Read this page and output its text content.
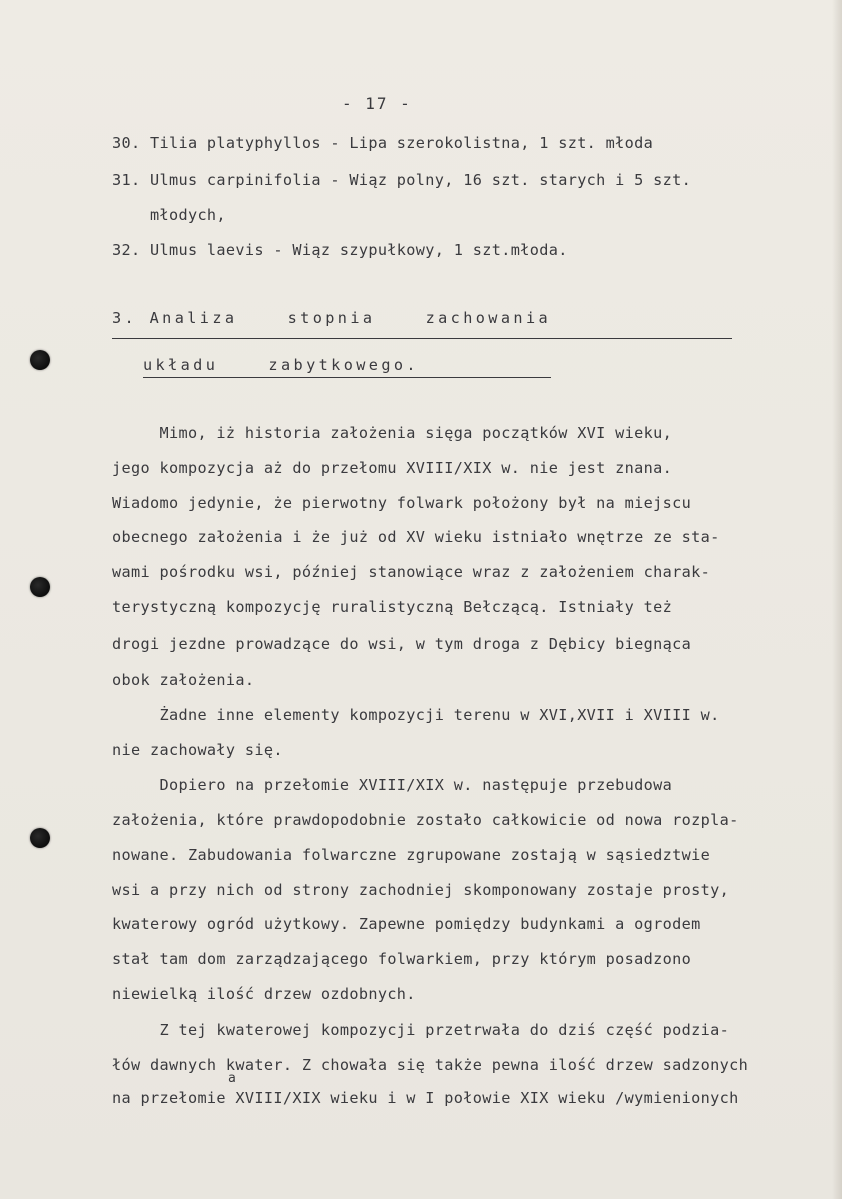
- 17 -
30. Tilia platyphyllos - Lipa szerokolistna, 1 szt. młoda
31. Ulmus carpinifolia - Wiąz polny, 16 szt. starych i 5 szt.
młodych,
32. Ulmus laevis - Wiąz szypułkowy, 1 szt.młoda.
3. Analiza    stopnia    zachowania
układu    zabytkowego.
Mimo, iż historia założenia sięga początków XVI wieku,
jego kompozycja aż do przełomu XVIII/XIX w. nie jest znana.
Wiadomo jedynie, że pierwotny folwark położony był na miejscu
obecnego założenia i że już od XV wieku istniało wnętrze ze sta-
wami pośrodku wsi, później stanowiące wraz z założeniem charak-
terystyczną kompozycję ruralistyczną Bełczącą. Istniały też
drogi jezdne prowadzące do wsi, w tym droga z Dębicy biegnąca
obok założenia.
Żadne inne elementy kompozycji terenu w XVI,XVII i XVIII w.
nie zachowały się.
Dopiero na przełomie XVIII/XIX w. następuje przebudowa
założenia, które prawdopodobnie zostało całkowicie od nowa rozpla-
nowane. Zabudowania folwarczne zgrupowane zostają w sąsiedztwie
wsi a przy nich od strony zachodniej skomponowany zostaje prosty,
kwaterowy ogród użytkowy. Zapewne pomiędzy budynkami a ogrodem
stał tam dom zarządzającego folwarkiem, przy którym posadzono
niewielką ilość drzew ozdobnych.
Z tej kwaterowej kompozycji przetrwała do dziś część podzia-
łów dawnych kwater. Z chowała się także pewna ilość drzew sadzonych
a
na przełomie XVIII/XIX wieku i w I połowie XIX wieku /wymienionych
